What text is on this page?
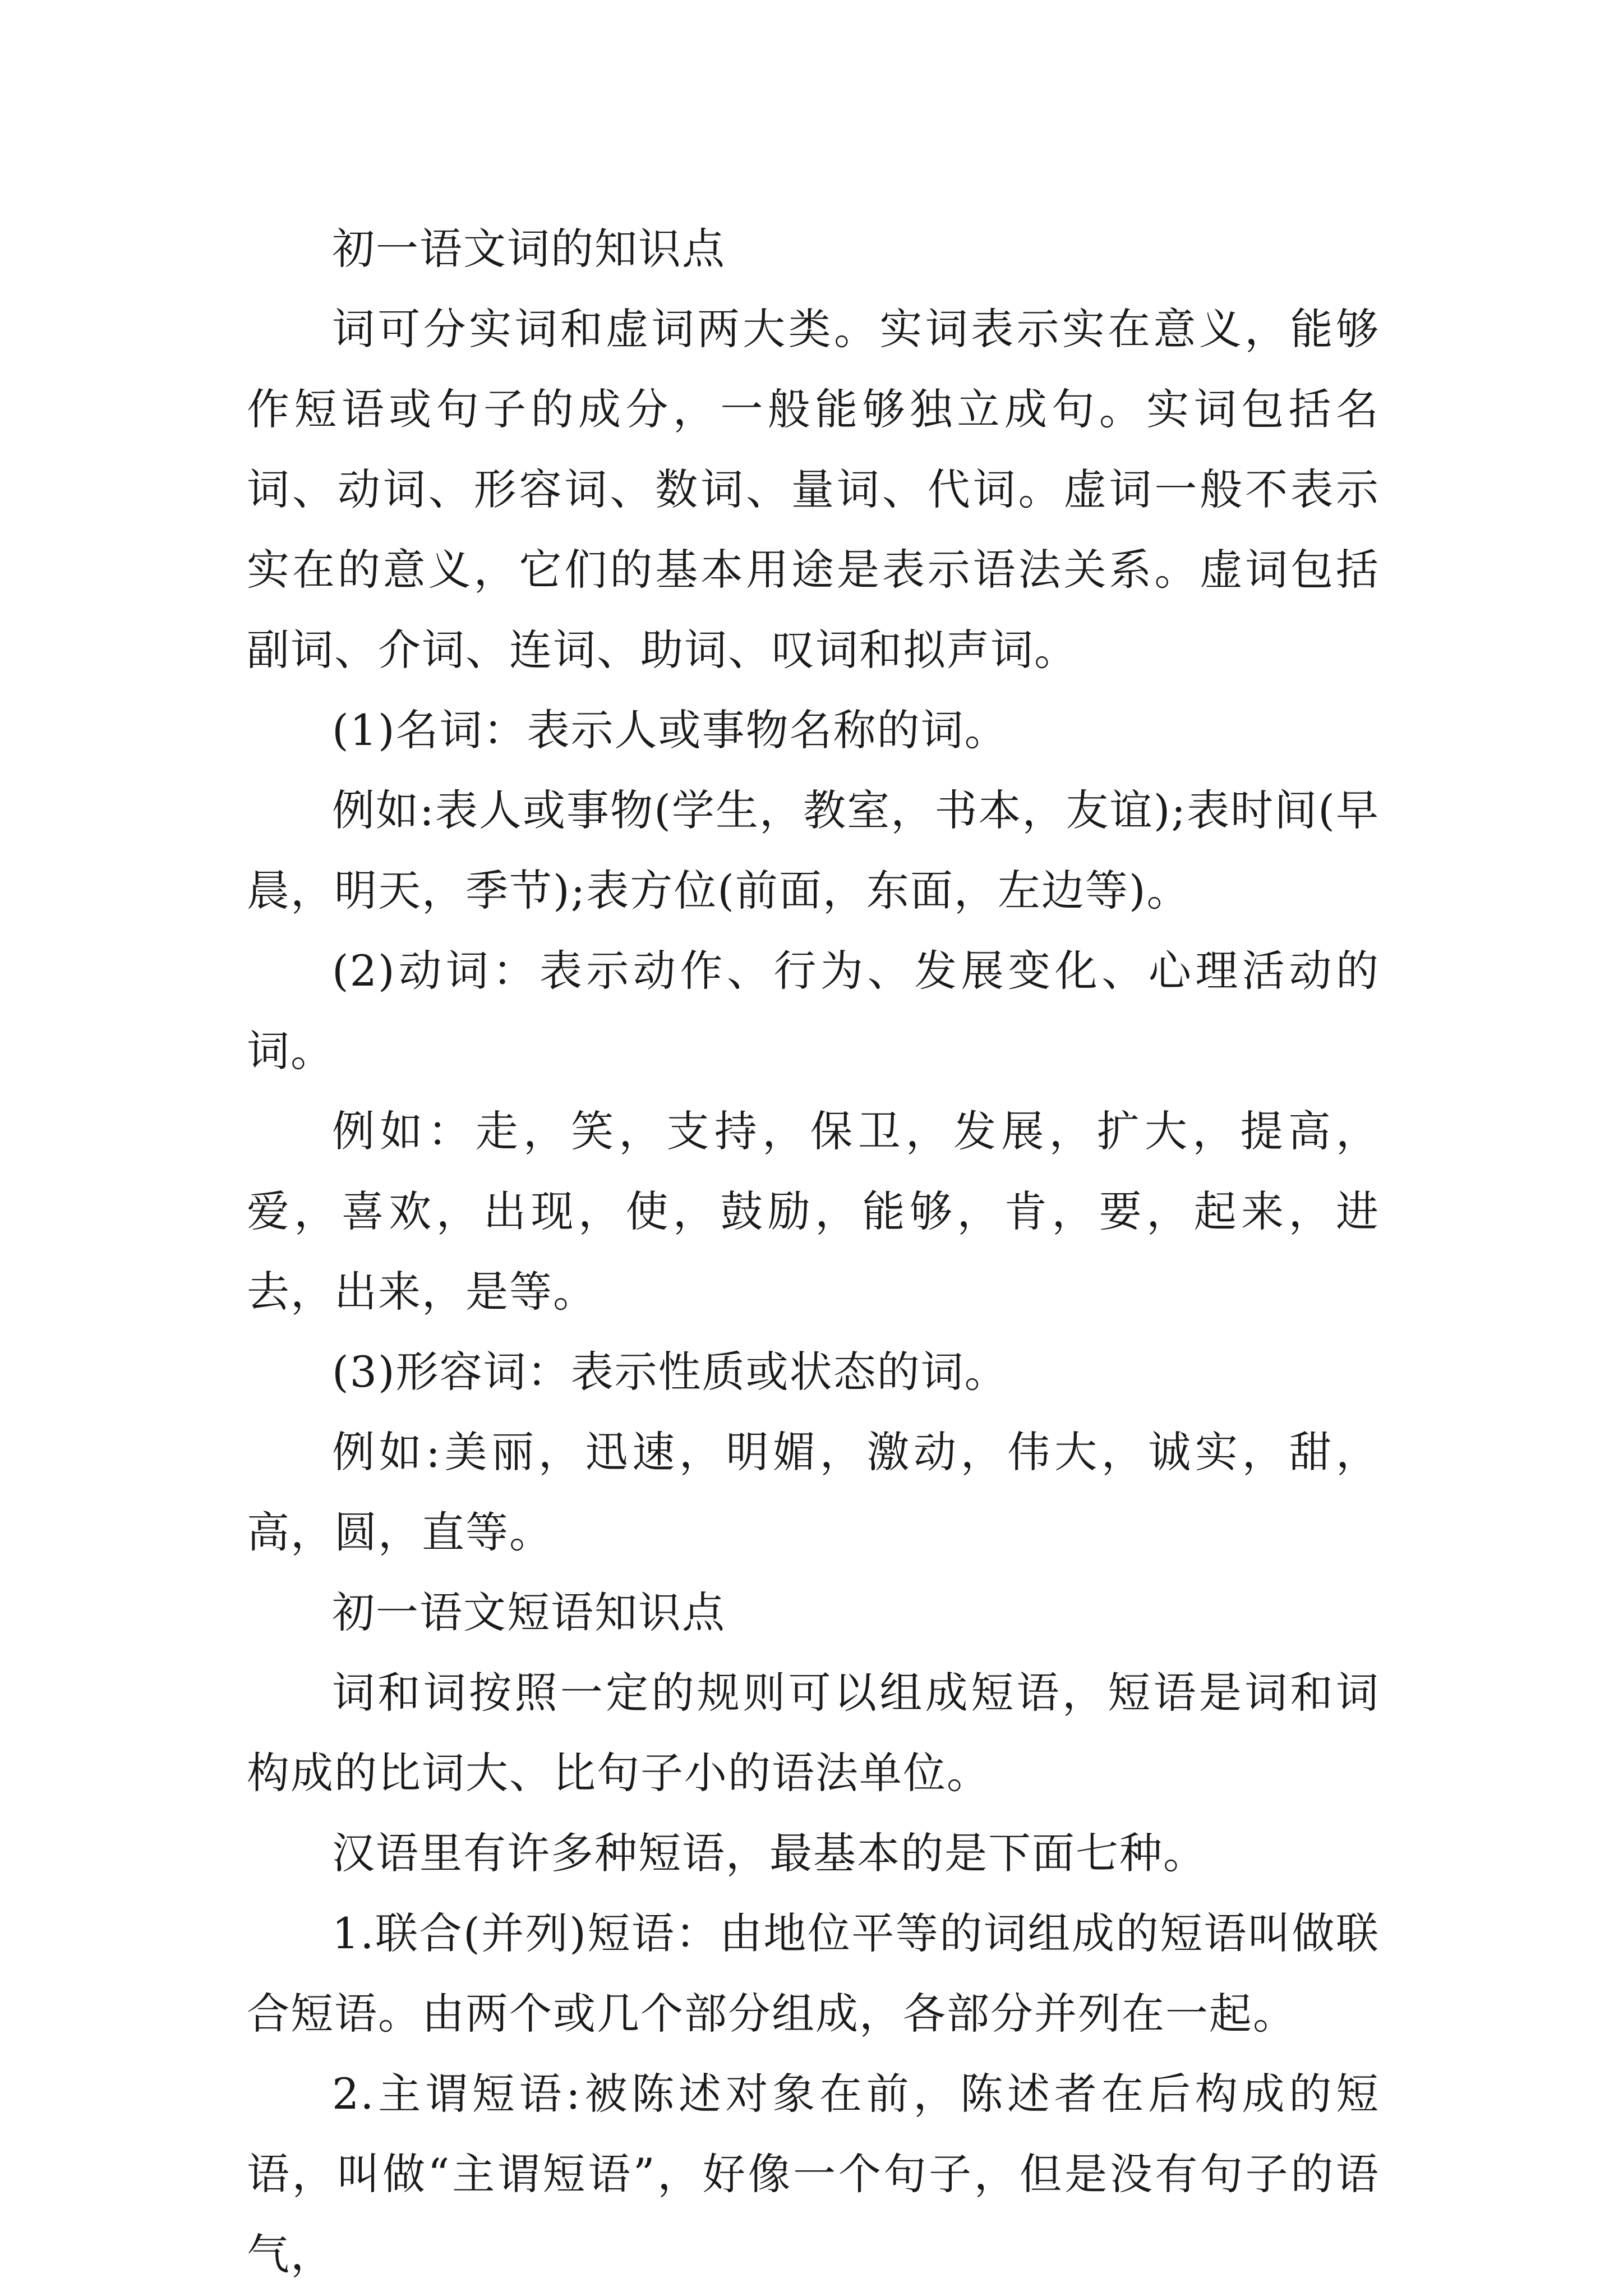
初一语文词的知识点

词可分实词和虚词两大类。实词表示实在意义，能够作短语或句子的成分，一般能够独立成句。实词包括名词、动词、形容词、数词、量词、代词。虚词一般不表示实在的意义，它们的基本用途是表示语法关系。虚词包括副词、介词、连词、助词、叹词和拟声词。

(1)名词：表示人或事物名称的词。

例如:表人或事物(学生，教室，书本，友谊);表时间(早晨，明天，季节);表方位(前面，东面，左边等)。

(2)动词：表示动作、行为、发展变化、心理活动的词。

例如：走，笑，支持，保卫，发展，扩大，提高，爱，喜欢，出现，使，鼓励，能够，肯，要，起来，进去，出来，是等。

(3)形容词：表示性质或状态的词。

例如:美丽，迅速，明媚，激动，伟大，诚实，甜，高，圆，直等。

初一语文短语知识点

词和词按照一定的规则可以组成短语，短语是词和词构成的比词大、比句子小的语法单位。

汉语里有许多种短语，最基本的是下面七种。

1.联合(并列)短语：由地位平等的词组成的短语叫做联合短语。由两个或几个部分组成，各部分并列在一起。

2.主谓短语:被陈述对象在前，陈述者在后构成的短语，叫做“主谓短语”，好像一个句子，但是没有句子的语气，
